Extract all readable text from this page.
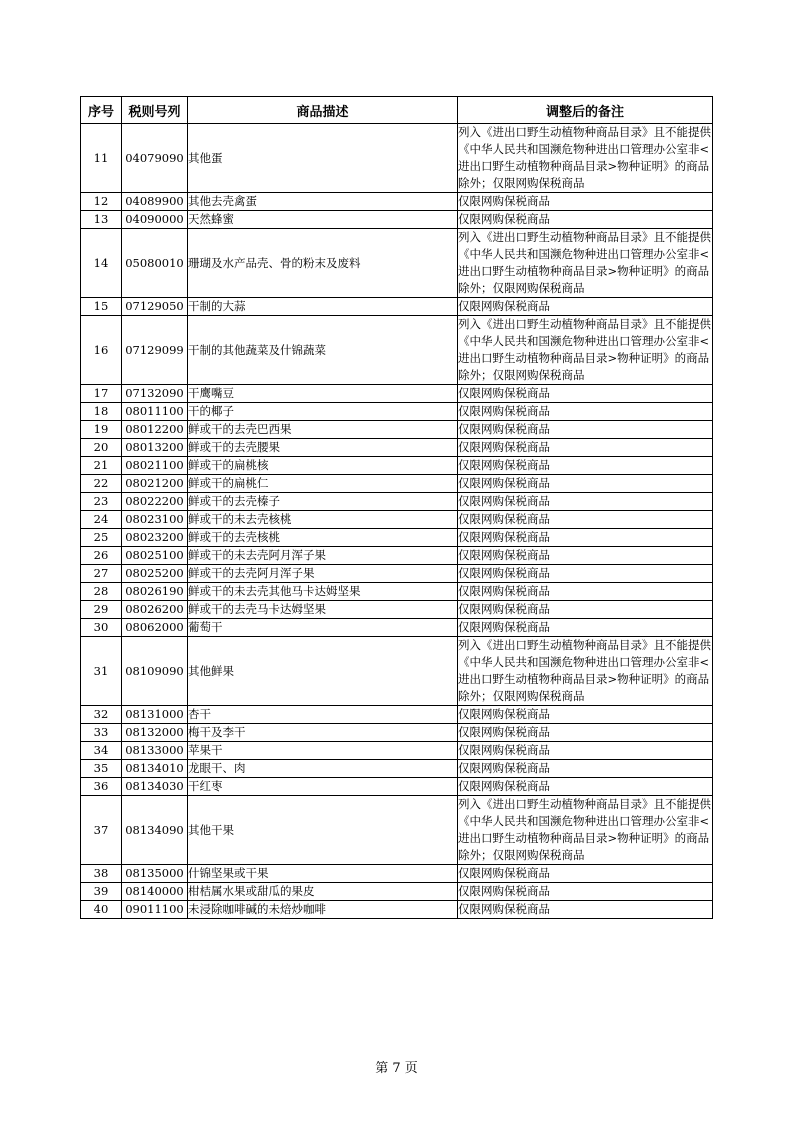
序号	税则号列	商品描述	调整后的备注
11	04079090	其他蛋	列入《进出口野生动植物种商品目录》且不能提供《中华人民共和国濒危物种进出口管理办公室非<进出口野生动植物种商品目录>物种证明》的商品除外；仅限网购保税商品
12	04089900	其他去壳禽蛋	仅限网购保税商品
13	04090000	天然蜂蜜	仅限网购保税商品
14	05080010	珊瑚及水产品壳、骨的粉末及废料	列入《进出口野生动植物种商品目录》且不能提供《中华人民共和国濒危物种进出口管理办公室非<进出口野生动植物种商品目录>物种证明》的商品除外；仅限网购保税商品
15	07129050	干制的大蒜	仅限网购保税商品
16	07129099	干制的其他蔬菜及什锦蔬菜	列入《进出口野生动植物种商品目录》且不能提供《中华人民共和国濒危物种进出口管理办公室非<进出口野生动植物种商品目录>物种证明》的商品除外；仅限网购保税商品
17	07132090	干鹰嘴豆	仅限网购保税商品
18	08011100	干的椰子	仅限网购保税商品
19	08012200	鲜或干的去壳巴西果	仅限网购保税商品
20	08013200	鲜或干的去壳腰果	仅限网购保税商品
21	08021100	鲜或干的扁桃核	仅限网购保税商品
22	08021200	鲜或干的扁桃仁	仅限网购保税商品
23	08022200	鲜或干的去壳榛子	仅限网购保税商品
24	08023100	鲜或干的未去壳核桃	仅限网购保税商品
25	08023200	鲜或干的去壳核桃	仅限网购保税商品
26	08025100	鲜或干的未去壳阿月浑子果	仅限网购保税商品
27	08025200	鲜或干的去壳阿月浑子果	仅限网购保税商品
28	08026190	鲜或干的未去壳其他马卡达姆坚果	仅限网购保税商品
29	08026200	鲜或干的去壳马卡达姆坚果	仅限网购保税商品
30	08062000	葡萄干	仅限网购保税商品
31	08109090	其他鲜果	列入《进出口野生动植物种商品目录》且不能提供《中华人民共和国濒危物种进出口管理办公室非<进出口野生动植物种商品目录>物种证明》的商品除外；仅限网购保税商品
32	08131000	杏干	仅限网购保税商品
33	08132000	梅干及李干	仅限网购保税商品
34	08133000	苹果干	仅限网购保税商品
35	08134010	龙眼干、肉	仅限网购保税商品
36	08134030	干红枣	仅限网购保税商品
37	08134090	其他干果	列入《进出口野生动植物种商品目录》且不能提供《中华人民共和国濒危物种进出口管理办公室非<进出口野生动植物种商品目录>物种证明》的商品除外；仅限网购保税商品
38	08135000	什锦坚果或干果	仅限网购保税商品
39	08140000	柑桔属水果或甜瓜的果皮	仅限网购保税商品
40	09011100	未浸除咖啡碱的未焙炒咖啡	仅限网购保税商品
第 7 页
